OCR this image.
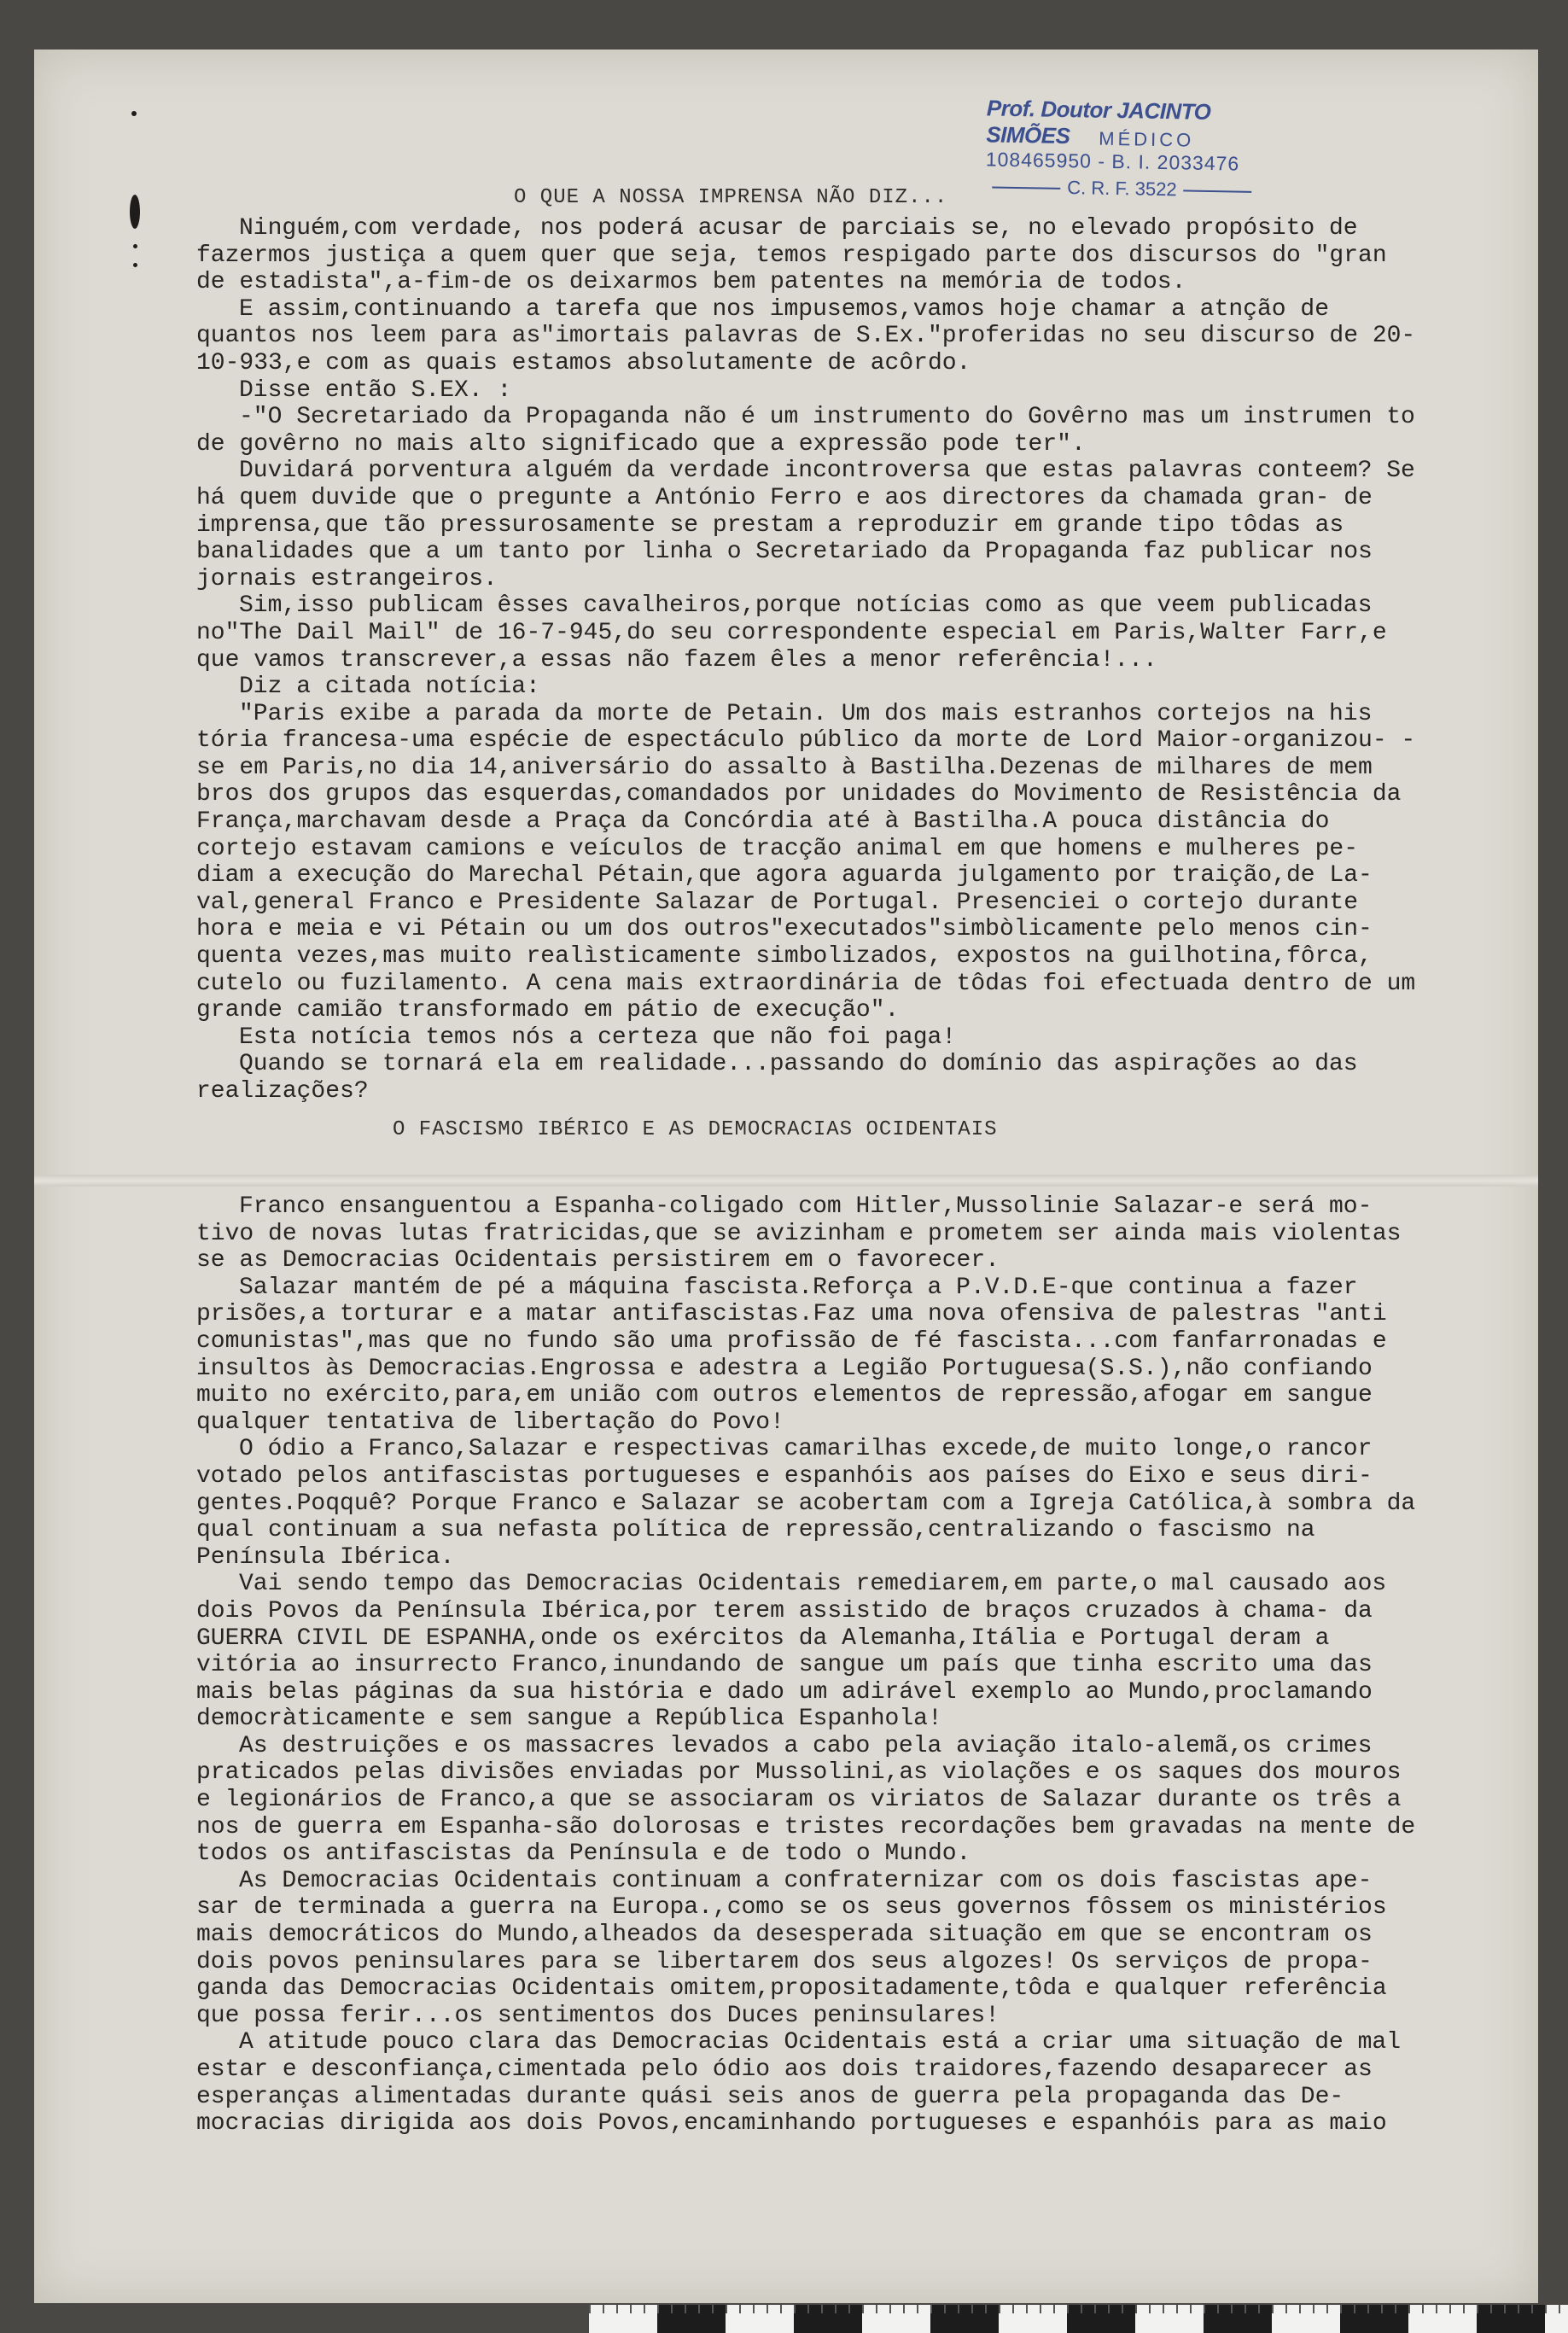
Prof. Doutor JACINTO SIMÕES	MÉDICO
108465950 - B. I. 2033476
C. R. F. 3522
O QUE A NOSSA IMPRENSA NÃO DIZ...

Ninguém,com verdade, nos poderá acusar de parciais se, no elevado propósito de fazermos justiça a quem quer que seja, temos respigado parte dos discursos do "gran de estadista",a-fim-de os deixarmos bem patentes na memória de todos.

E assim,continuando a tarefa que nos impusemos,vamos hoje chamar a atnção de quantos nos leem para as"imortais palavras de S.Ex."proferidas no seu discurso de 20-10-933,e com as quais estamos absolutamente de acôrdo.

Disse então S.EX. :

-"O Secretariado da Propaganda não é um instrumento do Govêrno mas um instrumen to de govêrno no mais alto significado que a expressão pode ter".

Duvidará porventura alguém da verdade incontroversa que estas palavras conteem? Se há quem duvide que o pregunte a António Ferro e aos directores da chamada gran- de imprensa,que tão pressurosamente se prestam a reproduzir em grande tipo tôdas as banalidades que a um tanto por linha o Secretariado da Propaganda faz publicar nos jornais estrangeiros.

Sim,isso publicam êsses cavalheiros,porque notícias como as que veem publicadas no"The Dail Mail" de 16-7-945,do seu correspondente especial em Paris,Walter Farr,e que vamos transcrever,a essas não fazem êles a menor referência!...

Diz a citada notícia:

"Paris exibe a parada da morte de Petain. Um dos mais estranhos cortejos na his tória francesa-uma espécie de espectáculo público da morte de Lord Maior-organizou- -se em Paris,no dia 14,aniversário do assalto à Bastilha.Dezenas de milhares de mem bros dos grupos das esquerdas,comandados por unidades do Movimento de Resistência da França,marchavam desde a Praça da Concórdia até à Bastilha.A pouca distância do cortejo estavam camions e veículos de tracção animal em que homens e mulheres pe- diam a execução do Marechal Pétain,que agora aguarda julgamento por traição,de La- val,general Franco e Presidente Salazar de Portugal. Presenciei o cortejo durante hora e meia e vi Pétain ou um dos outros"executados"simbòlicamente pelo menos cin- quenta vezes,mas muito realìsticamente simbolizados, expostos na guilhotina,fôrca, cutelo ou fuzilamento. A cena mais extraordinária de tôdas foi efectuada dentro de um grande camião transformado em pátio de execução".

Esta notícia temos nós a certeza que não foi paga!

Quando se tornará ela em realidade...passando do domínio das aspirações ao das realizações?

O FASCISMO IBÉRICO E AS DEMOCRACIAS OCIDENTAIS

Franco ensanguentou a Espanha-coligado com Hitler,Mussolinie Salazar-e será mo- tivo de novas lutas fratricidas,que se avizinham e prometem ser ainda mais violentas se as Democracias Ocidentais persistirem em o favorecer.

Salazar mantém de pé a máquina fascista.Reforça a P.V.D.E-que continua a fazer prisões,a torturar e a matar antifascistas.Faz uma nova ofensiva de palestras "anti comunistas",mas que no fundo são uma profissão de fé fascista...com fanfarronadas e insultos às Democracias.Engrossa e adestra a Legião Portuguesa(S.S.),não confiando muito no exército,para,em união com outros elementos de repressão,afogar em sangue qualquer tentativa de libertação do Povo!

O ódio a Franco,Salazar e respectivas camarilhas excede,de muito longe,o rancor votado pelos antifascistas portugueses e espanhóis aos países do Eixo e seus diri- gentes.Poqquê? Porque Franco e Salazar se acobertam com a Igreja Católica,à sombra da qual continuam a sua nefasta política de repressão,centralizando o fascismo na Península Ibérica.

Vai sendo tempo das Democracias Ocidentais remediarem,em parte,o mal causado aos dois Povos da Península Ibérica,por terem assistido de braços cruzados à chama- da GUERRA CIVIL DE ESPANHA,onde os exércitos da Alemanha,Itália e Portugal deram a vitória ao insurrecto Franco,inundando de sangue um país que tinha escrito uma das mais belas páginas da sua história e dado um adirável exemplo ao Mundo,proclamando democràticamente e sem sangue a República Espanhola!

As destruições e os massacres levados a cabo pela aviação italo-alemã,os crimes praticados pelas divisões enviadas por Mussolini,as violações e os saques dos mouros e legionários de Franco,a que se associaram os viriatos de Salazar durante os três a nos de guerra em Espanha-são dolorosas e tristes recordações bem gravadas na mente de todos os antifascistas da Península e de todo o Mundo.

As Democracias Ocidentais continuam a confraternizar com os dois fascistas ape- sar de terminada a guerra na Europa.,como se os seus governos fôssem os ministérios mais democráticos do Mundo,alheados da desesperada situação em que se encontram os dois povos peninsulares para se libertarem dos seus algozes! Os serviços de propa- ganda das Democracias Ocidentais omitem,propositadamente,tôda e qualquer referência que possa ferir...os sentimentos dos Duces peninsulares!

A atitude pouco clara das Democracias Ocidentais está a criar uma situação de mal estar e desconfiança,cimentada pelo ódio aos dois traidores,fazendo desaparecer as esperanças alimentadas durante quási seis anos de guerra pela propaganda das De- mocracias dirigida aos dois Povos,encaminhando portugueses e espanhóis para as maio
